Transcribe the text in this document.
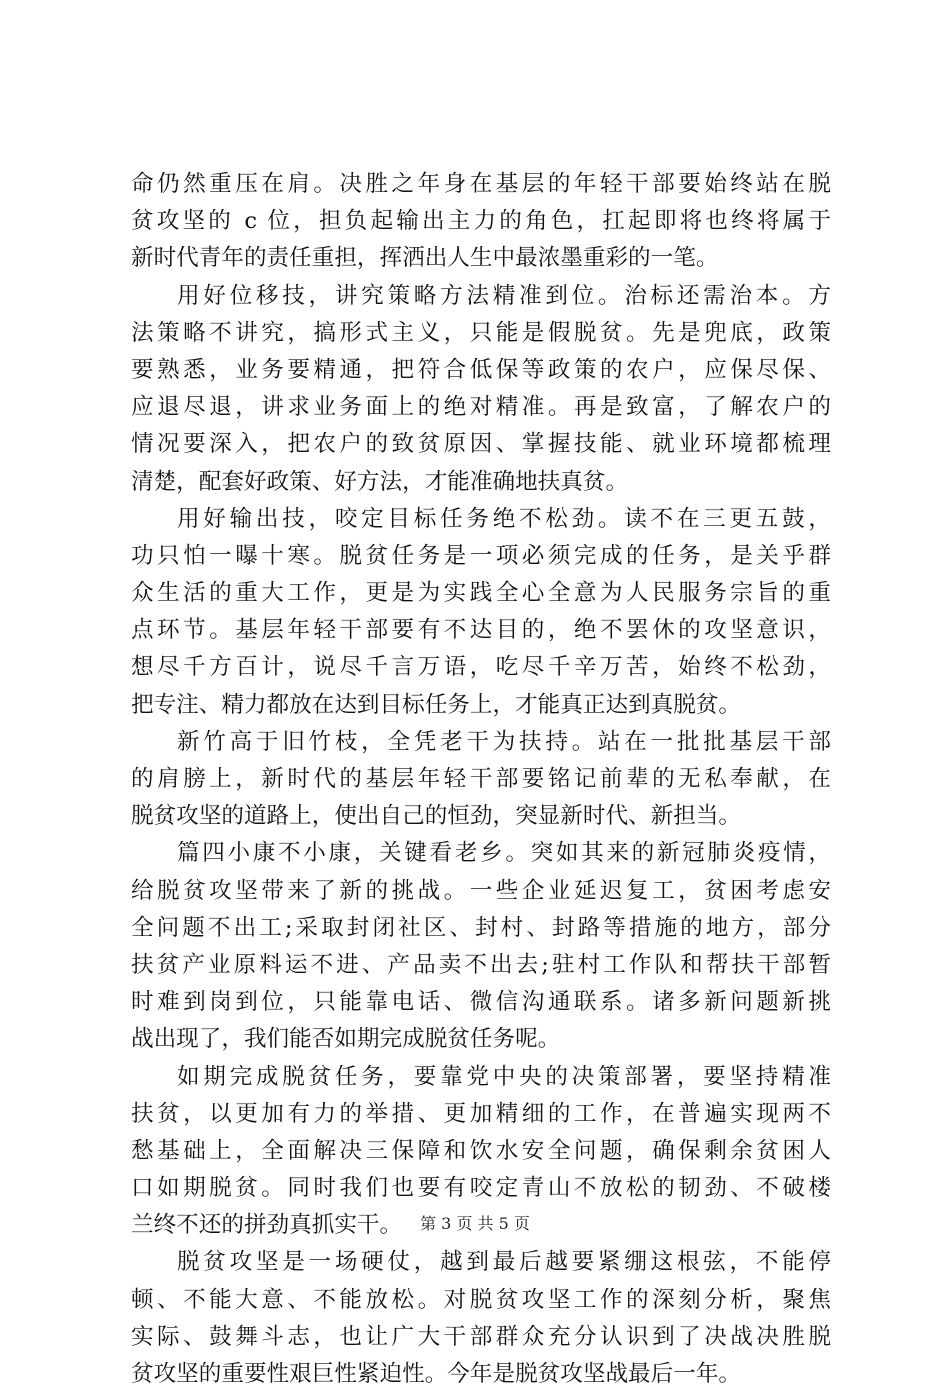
命仍然重压在肩。决胜之年身在基层的年轻干部要始终站在脱
贫攻坚的 c 位，担负起输出主力的角色，扛起即将也终将属于
新时代青年的责任重担，挥洒出人生中最浓墨重彩的一笔。
用好位移技，讲究策略方法精准到位。治标还需治本。方
法策略不讲究，搞形式主义，只能是假脱贫。先是兜底，政策
要熟悉，业务要精通，把符合低保等政策的农户，应保尽保、
应退尽退，讲求业务面上的绝对精准。再是致富，了解农户的
情况要深入，把农户的致贫原因、掌握技能、就业环境都梳理
清楚，配套好政策、好方法，才能准确地扶真贫。
用好输出技，咬定目标任务绝不松劲。读不在三更五鼓，
功只怕一曝十寒。脱贫任务是一项必须完成的任务，是关乎群
众生活的重大工作，更是为实践全心全意为人民服务宗旨的重
点环节。基层年轻干部要有不达目的，绝不罢休的攻坚意识，
想尽千方百计，说尽千言万语，吃尽千辛万苦，始终不松劲，
把专注、精力都放在达到目标任务上，才能真正达到真脱贫。
新竹高于旧竹枝，全凭老干为扶持。站在一批批基层干部
的肩膀上，新时代的基层年轻干部要铭记前辈的无私奉献，在
脱贫攻坚的道路上，使出自己的恒劲，突显新时代、新担当。
篇四小康不小康，关键看老乡。突如其来的新冠肺炎疫情，
给脱贫攻坚带来了新的挑战。一些企业延迟复工，贫困考虑安
全问题不出工;采取封闭社区、封村、封路等措施的地方，部分
扶贫产业原料运不进、产品卖不出去;驻村工作队和帮扶干部暂
时难到岗到位，只能靠电话、微信沟通联系。诸多新问题新挑
战出现了，我们能否如期完成脱贫任务呢。
如期完成脱贫任务，要靠党中央的决策部署，要坚持精准
扶贫，以更加有力的举措、更加精细的工作，在普遍实现两不
愁基础上，全面解决三保障和饮水安全问题，确保剩余贫困人
口如期脱贫。同时我们也要有咬定青山不放松的韧劲、不破楼
兰终不还的拼劲真抓实干。
脱贫攻坚是一场硬仗，越到最后越要紧绷这根弦，不能停
顿、不能大意、不能放松。对脱贫攻坚工作的深刻分析，聚焦
实际、鼓舞斗志，也让广大干部群众充分认识到了决战决胜脱
贫攻坚的重要性艰巨性紧迫性。今年是脱贫攻坚战最后一年。
第 3 页 共 5 页
